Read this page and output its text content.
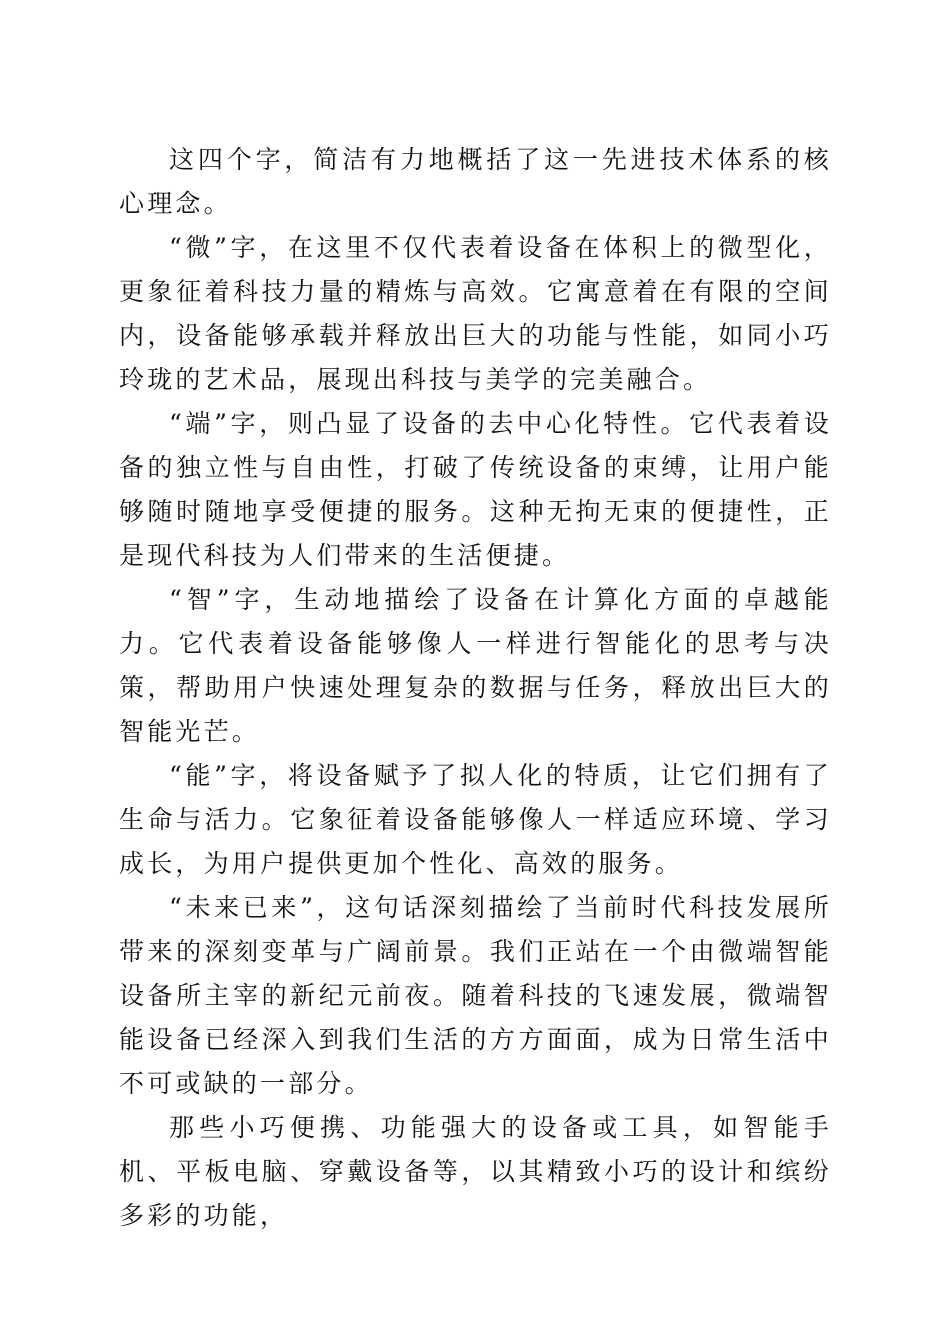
这四个字，简洁有力地概括了这一先进技术体系的核心理念。

“微”字，在这里不仅代表着设备在体积上的微型化，更象征着科技力量的精炼与高效。它寓意着在有限的空间内，设备能够承载并释放出巨大的功能与性能，如同小巧玲珑的艺术品，展现出科技与美学的完美融合。

“端”字，则凸显了设备的去中心化特性。它代表着设备的独立性与自由性，打破了传统设备的束缚，让用户能够随时随地享受便捷的服务。这种无拘无束的便捷性，正是现代科技为人们带来的生活便捷。

“智”字，生动地描绘了设备在计算化方面的卓越能力。它代表着设备能够像人一样进行智能化的思考与决策，帮助用户快速处理复杂的数据与任务，释放出巨大的智能光芒。

“能”字，将设备赋予了拟人化的特质，让它们拥有了生命与活力。它象征着设备能够像人一样适应环境、学习成长，为用户提供更加个性化、高效的服务。

“未来已来”，这句话深刻描绘了当前时代科技发展所带来的深刻变革与广阔前景。我们正站在一个由微端智能设备所主宰的新纪元前夜。随着科技的飞速发展，微端智能设备已经深入到我们生活的方方面面，成为日常生活中不可或缺的一部分。

那些小巧便携、功能强大的设备或工具，如智能手机、平板电脑、穿戴设备等，以其精致小巧的设计和缤纷多彩的功能，
